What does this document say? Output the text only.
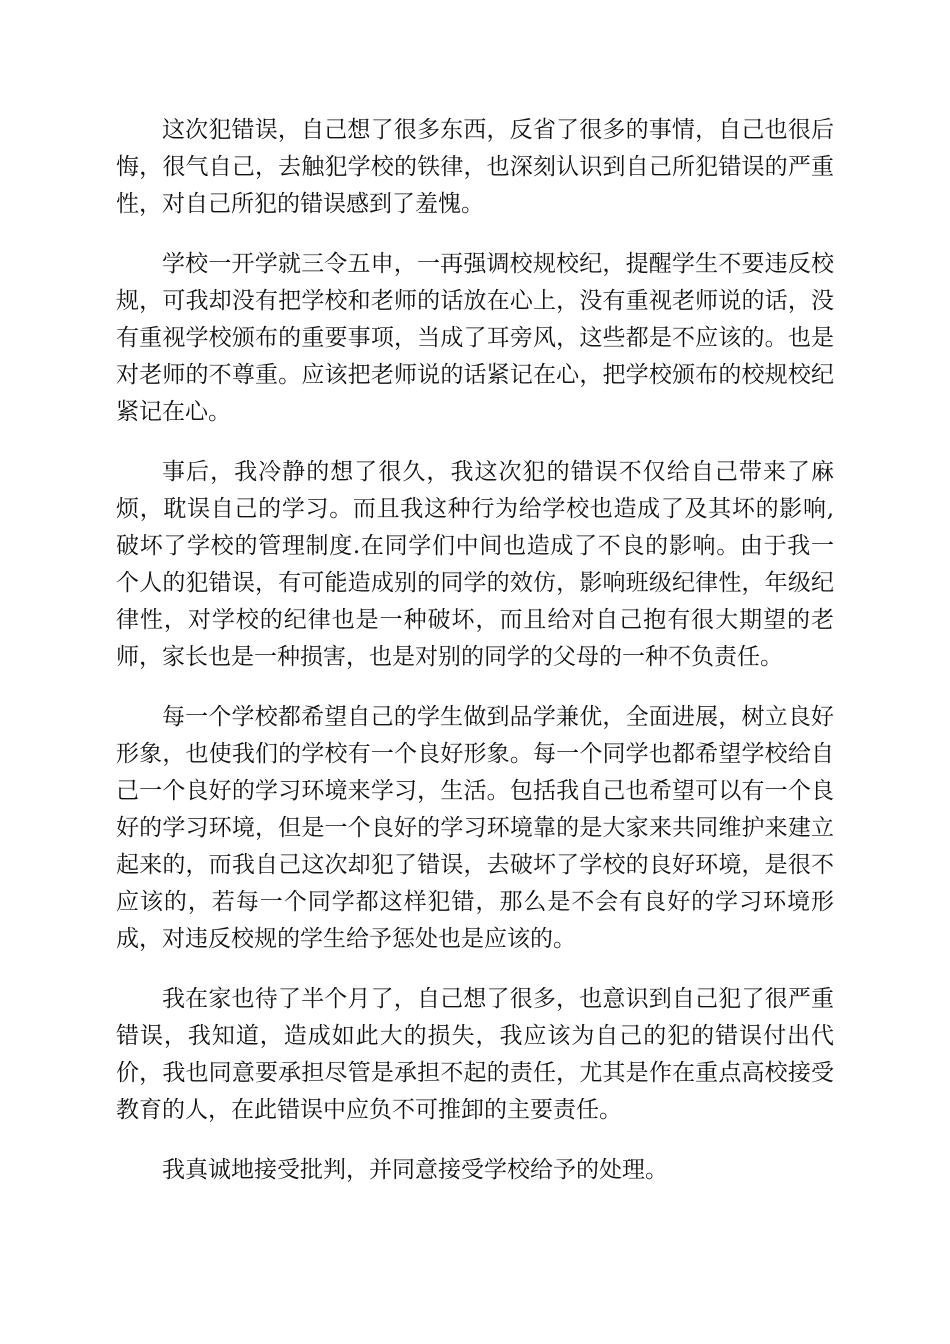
这次犯错误，自己想了很多东西，反省了很多的事情，自己也很后悔，很气自己，去触犯学校的铁律，也深刻认识到自己所犯错误的严重性，对自己所犯的错误感到了羞愧。

学校一开学就三令五申，一再强调校规校纪，提醒学生不要违反校规，可我却没有把学校和老师的话放在心上，没有重视老师说的话，没有重视学校颁布的重要事项，当成了耳旁风，这些都是不应该的。也是对老师的不尊重。应该把老师说的话紧记在心，把学校颁布的校规校纪紧记在心。

事后，我冷静的想了很久，我这次犯的错误不仅给自己带来了麻烦，耽误自己的学习。而且我这种行为给学校也造成了及其坏的影响,破坏了学校的管理制度.在同学们中间也造成了不良的影响。由于我一个人的犯错误，有可能造成别的同学的效仿，影响班级纪律性，年级纪律性，对学校的纪律也是一种破坏，而且给对自己抱有很大期望的老师，家长也是一种损害，也是对别的同学的父母的一种不负责任。

每一个学校都希望自己的学生做到品学兼优，全面进展，树立良好形象，也使我们的学校有一个良好形象。每一个同学也都希望学校给自己一个良好的学习环境来学习，生活。包括我自己也希望可以有一个良好的学习环境，但是一个良好的学习环境靠的是大家来共同维护来建立起来的，而我自己这次却犯了错误，去破坏了学校的良好环境，是很不应该的，若每一个同学都这样犯错，那么是不会有良好的学习环境形成，对违反校规的学生给予惩处也是应该的。

我在家也待了半个月了，自己想了很多，也意识到自己犯了很严重错误，我知道，造成如此大的损失，我应该为自己的犯的错误付出代价，我也同意要承担尽管是承担不起的责任，尤其是作在重点高校接受教育的人，在此错误中应负不可推卸的主要责任。

我真诚地接受批判，并同意接受学校给予的处理。
